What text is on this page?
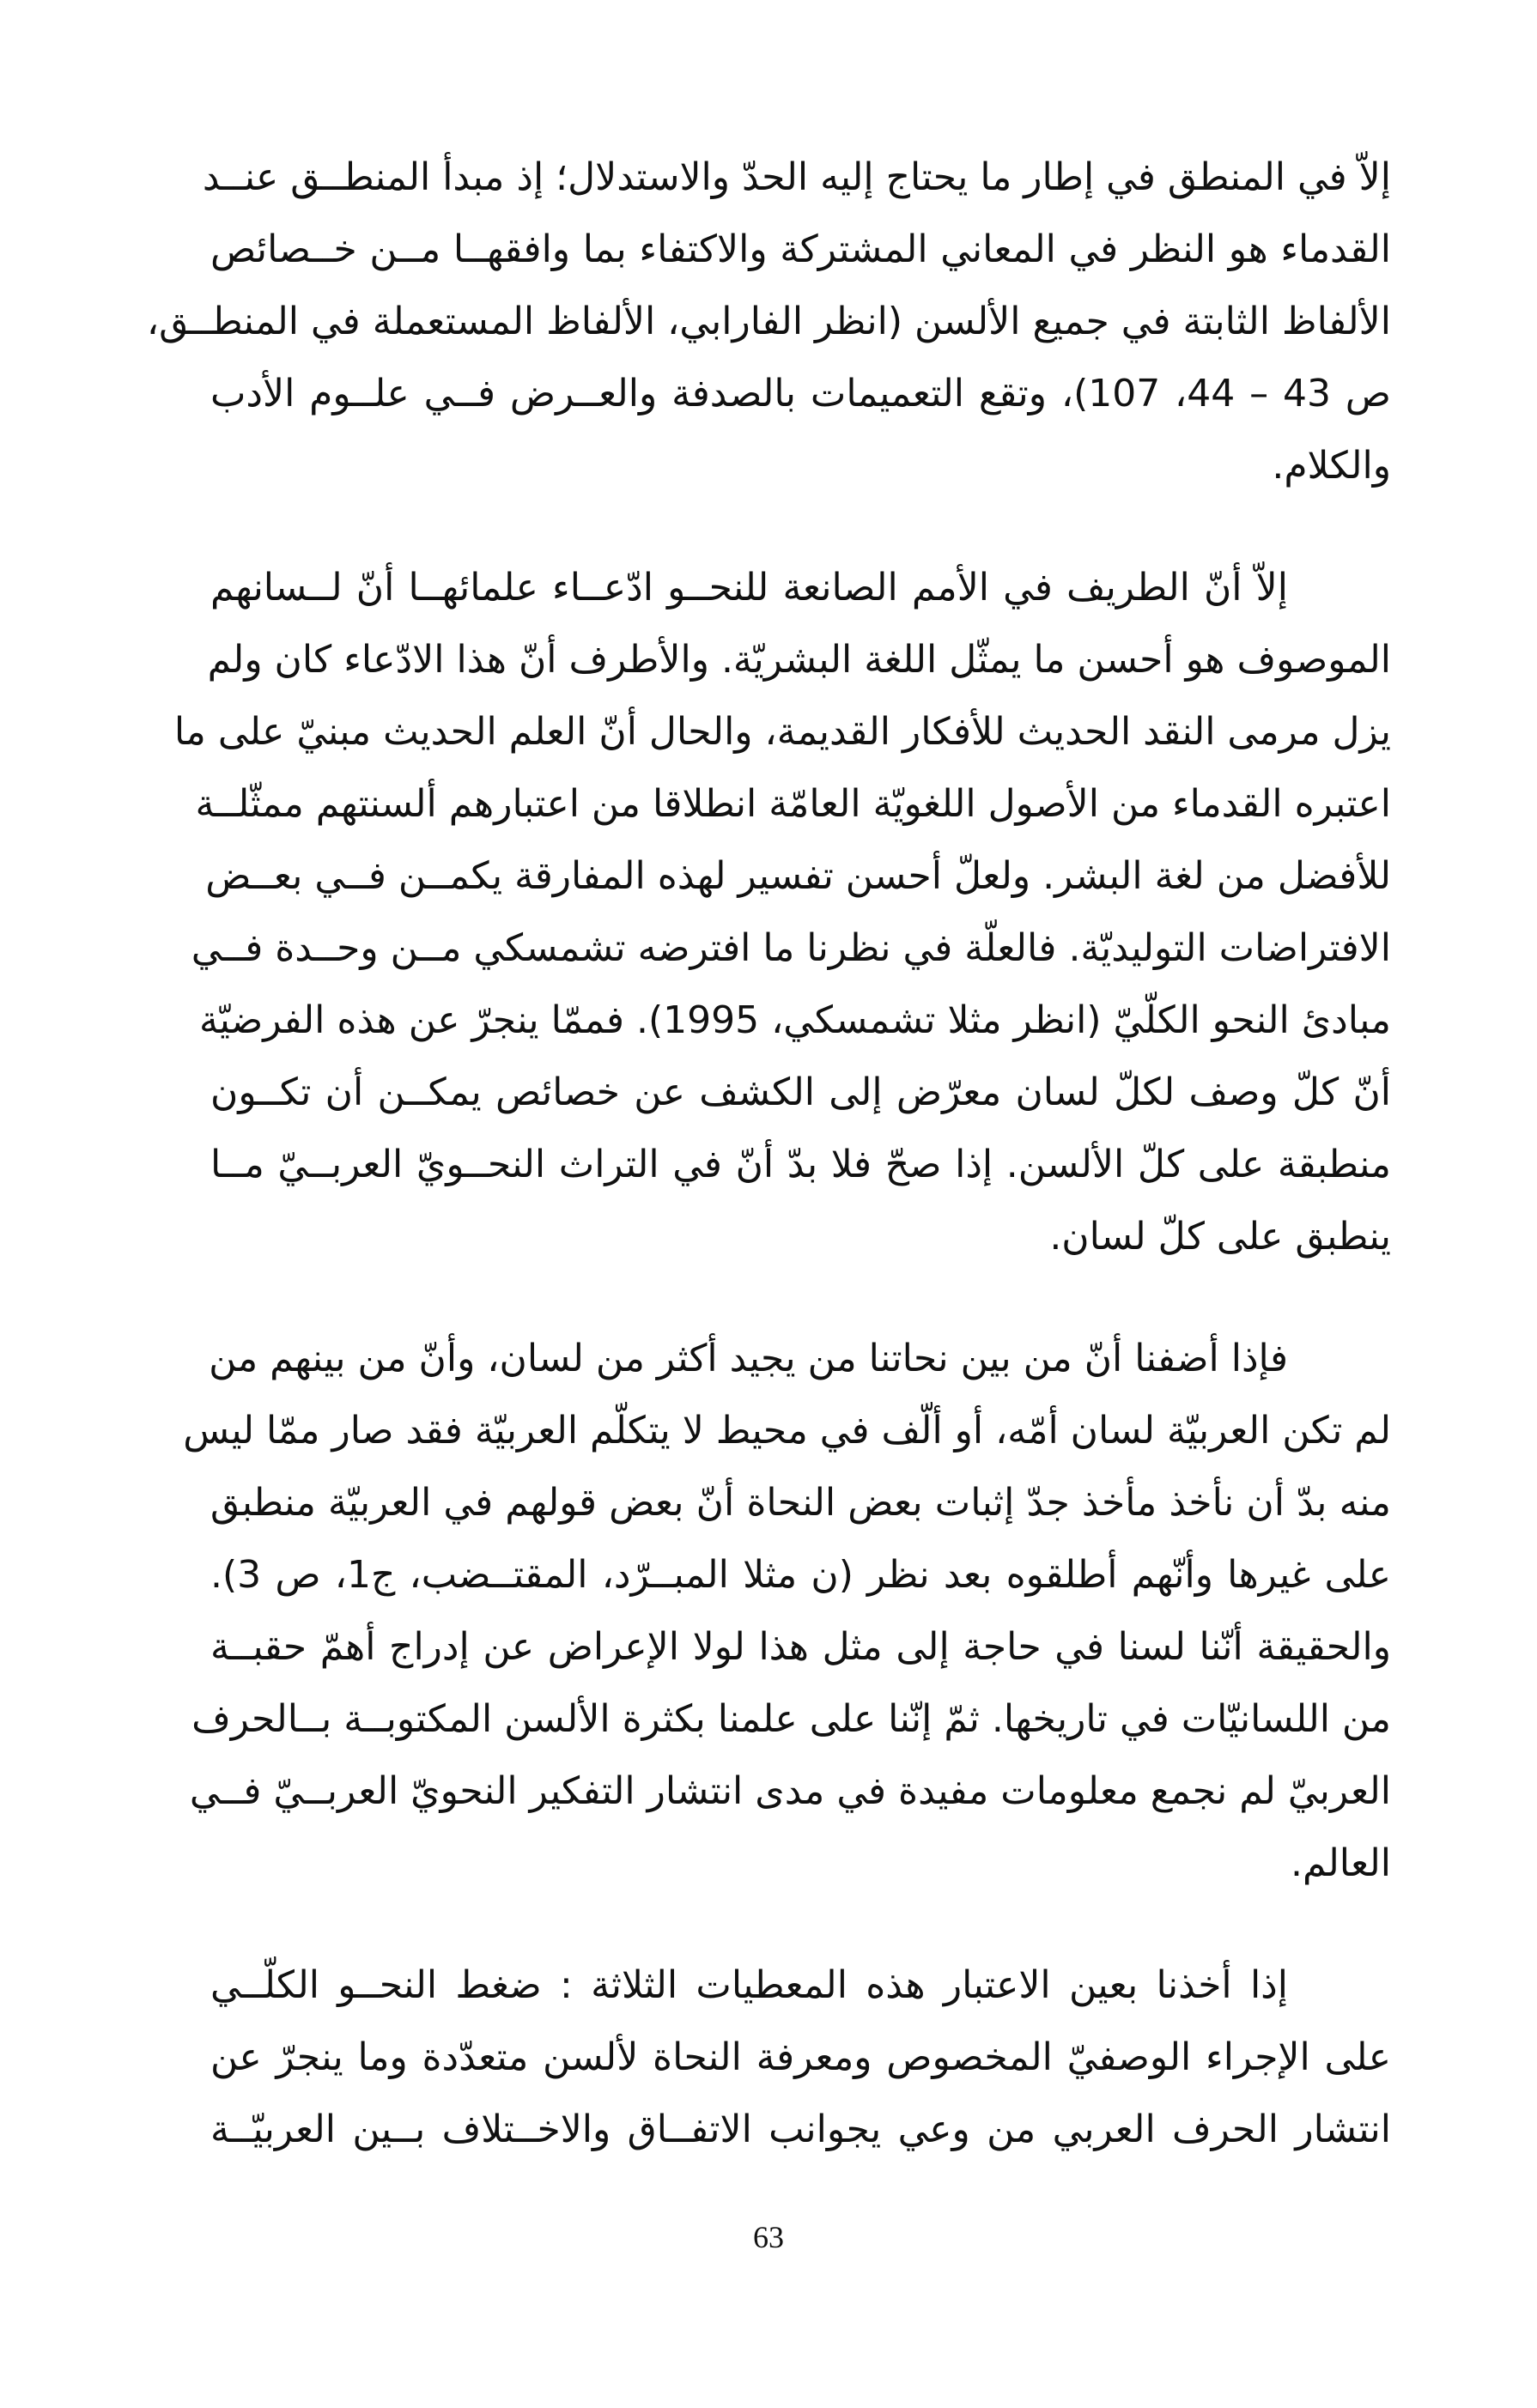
إلاّ في المنطق في إطار ما يحتاج إليه الحدّ والاستدلال؛ إذ مبدأ المنطــق عنــد
القدماء هو النظر في المعاني المشتركة والاكتفاء بما وافقهــا مــن خــصائص
الألفاظ الثابتة في جميع الألسن (انظر الفارابي، الألفاظ المستعملة في المنطــق،
ص 43 – 44، 107)، وتقع التعميمات بالصدفة والعــرض فــي علــوم الأدب
والكلام.

إلاّ أنّ الطريف في الأمم الصانعة للنحــو ادّعــاء علمائهــا أنّ لــسانهم
الموصوف هو أحسن ما يمثّل اللغة البشريّة. والأطرف أنّ هذا الادّعاء كان ولم
يزل مرمى النقد الحديث للأفكار القديمة، والحال أنّ العلم الحديث مبنيّ على ما
اعتبره القدماء من الأصول اللغويّة العامّة انطلاقا من اعتبارهم ألسنتهم ممثّلــة
للأفضل من لغة البشر. ولعلّ أحسن تفسير لهذه المفارقة يكمــن فــي بعــض
الافتراضات التوليديّة. فالعلّة في نظرنا ما افترضه تشمسكي مــن وحــدة فــي
مبادئ النحو الكلّيّ (انظر مثلا تشمسكي، 1995). فممّا ينجرّ عن هذه الفرضيّة
أنّ كلّ وصف لكلّ لسان معرّض إلى الكشف عن خصائص يمكــن أن تكــون
منطبقة على كلّ الألسن. إذا صحّ فلا بدّ أنّ في التراث النحــويّ العربــيّ مــا
ينطبق على كلّ لسان.

فإذا أضفنا أنّ من بين نحاتنا من يجيد أكثر من لسان، وأنّ من بينهم من
لم تكن العربيّة لسان أمّه، أو ألّف في محيط لا يتكلّم العربيّة فقد صار ممّا ليس
منه بدّ أن نأخذ مأخذ جدّ إثبات بعض النحاة أنّ بعض قولهم في العربيّة منطبق
على غيرها وأنّهم أطلقوه بعد نظر (ن مثلا المبــرّد، المقتــضب، ج1، ص 3).
والحقيقة أنّنا لسنا في حاجة إلى مثل هذا لولا الإعراض عن إدراج أهمّ حقبــة
من اللسانيّات في تاريخها. ثمّ إنّنا على علمنا بكثرة الألسن المكتوبــة بــالحرف
العربيّ لم نجمع معلومات مفيدة في مدى انتشار التفكير النحويّ العربــيّ فــي
العالم.

إذا أخذنا بعين الاعتبار هذه المعطيات الثلاثة : ضغط النحــو الكلّــي
على الإجراء الوصفيّ المخصوص ومعرفة النحاة لألسن متعدّدة وما ينجرّ عن
انتشار الحرف العربي من وعي يجوانب الاتفــاق والاخــتلاف بــين العربيّــة

63
